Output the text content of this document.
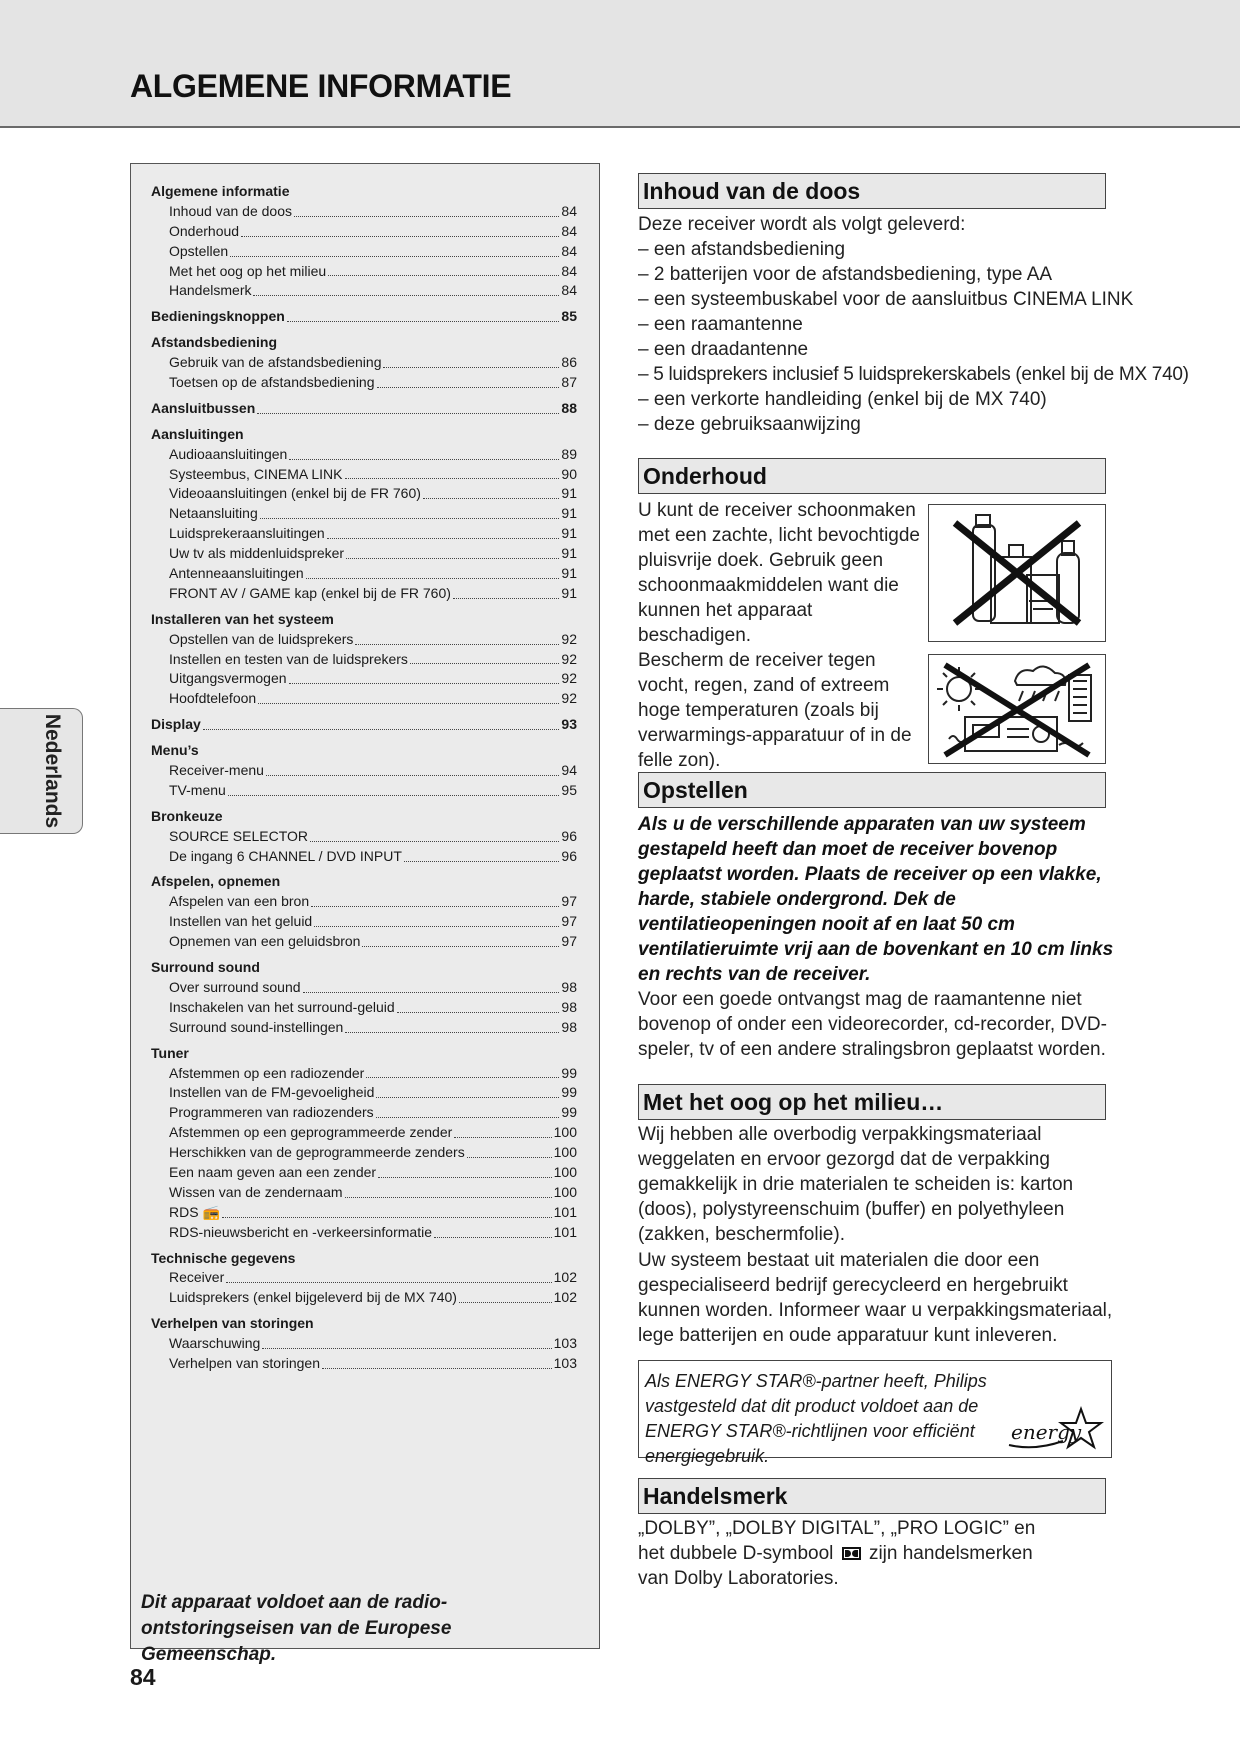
ALGEMENE INFORMATIE
Nederlands
Algemene informatie
Inhoud van de doos	84
Onderhoud	84
Opstellen	84
Met het oog op het milieu	84
Handelsmerk	84
Bedieningsknoppen	85
Afstandsbediening
Gebruik van de afstandsbediening	86
Toetsen op de afstandsbediening	87
Aansluitbussen	88
Aansluitingen
Audioaansluitingen	89
Systeembus, CINEMA LINK	90
Videoaansluitingen (enkel bij de FR 760)	91
Netaansluiting	91
Luidsprekeraansluitingen	91
Uw tv als middenluidspreker	91
Antenneaansluitingen	91
FRONT AV / GAME kap (enkel bij de FR 760)	91
Installeren van het systeem
Opstellen van de luidsprekers	92
Instellen en testen van de luidsprekers	92
Uitgangsvermogen	92
Hoofdtelefoon	92
Display	93
Menu’s
Receiver-menu	94
TV-menu	95
Bronkeuze
SOURCE SELECTOR	96
De ingang 6 CHANNEL / DVD INPUT	96
Afspelen, opnemen
Afspelen van een bron	97
Instellen van het geluid	97
Opnemen van een geluidsbron	97
Surround sound
Over surround sound	98
Inschakelen van het surround-geluid	98
Surround sound-instellingen	98
Tuner
Afstemmen op een radiozender	99
Instellen van de FM-gevoeligheid	99
Programmeren van radiozenders	99
Afstemmen op een geprogrammeerde zender	100
Herschikken van de geprogrammeerde zenders	100
Een naam geven aan een zender	100
Wissen van de zendernaam	100
RDS 📻	101
RDS-nieuwsbericht en -verkeersinformatie	101
Technische gegevens
Receiver	102
Luidsprekers (enkel bijgeleverd bij de MX 740)	102
Verhelpen van storingen
Waarschuwing	103
Verhelpen van storingen	103

Dit apparaat voldoet aan de radio-ontstoringseisen van de Europese Gemeenschap.

84
Inhoud van de doos
Deze receiver wordt als volgt geleverd:
– een afstandsbediening
– 2 batterijen voor de afstandsbediening, type AA
– een systeembuskabel voor de aansluitbus CINEMA LINK
– een raamantenne
– een draadantenne
– 5 luidsprekers inclusief 5 luidsprekerskabels (enkel bij de MX 740)
– een verkorte handleiding (enkel bij de MX 740)
– deze gebruiksaanwijzing
Onderhoud
U kunt de receiver schoonmaken met een zachte, licht bevochtigde pluisvrije doek. Gebruik geen schoonmaakmiddelen want die kunnen het apparaat beschadigen.
Bescherm de receiver tegen vocht, regen, zand of extreem hoge temperaturen (zoals bij verwarmings-apparatuur of in de felle zon).
Opstellen
Als u de verschillende apparaten van uw systeem gestapeld heeft dan moet de receiver bovenop geplaatst worden. Plaats de receiver op een vlakke, harde, stabiele ondergrond. Dek de ventilatieopeningen nooit af en laat 50 cm ventilatieruimte vrij aan de bovenkant en 10 cm links en rechts van de receiver.
Voor een goede ontvangst mag de raamantenne niet bovenop of onder een videorecorder, cd-recorder, DVD-speler, tv of een andere stralingsbron geplaatst worden.
Met het oog op het milieu…
Wij hebben alle overbodig verpakkingsmateriaal weggelaten en ervoor gezorgd dat de verpakking gemakkelijk in drie materialen te scheiden is: karton (doos), polystyreenschuim (buffer) en polyethyleen (zakken, beschermfolie).
Uw systeem bestaat uit materialen die door een gespecialiseerd bedrijf gerecycleerd en hergebruikt kunnen worden. Informeer waar u verpakkingsmateriaal, lege batterijen en oude apparatuur kunt inleveren.
Als ENERGY STAR®-partner heeft, Philips vastgesteld dat dit product voldoet aan de ENERGY STAR®-richtlijnen voor efficiënt energiegebruik.
energy
Handelsmerk
„DOLBY”, „DOLBY DIGITAL”, „PRO LOGIC” en het dubbele D-symbool zijn handelsmerken van Dolby Laboratories.
